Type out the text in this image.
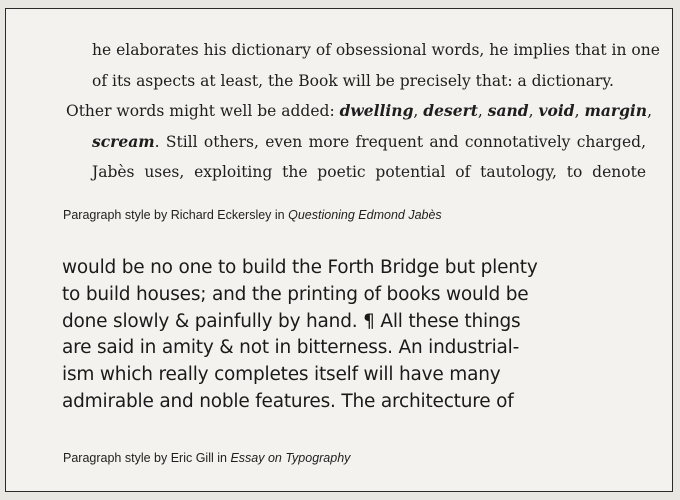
he elaborates his dictionary of obsessional words, he implies that in one
of its aspects at least, the Book will be precisely that: a dictionary.
Other words might well be added: dwelling, desert, sand, void, margin,
scream. Still others, even more frequent and connotatively charged,
Jabès uses, exploiting the poetic potential of tautology, to denote
Paragraph style by Richard Eckersley in Questioning Edmond Jabès
would be no one to build the Forth Bridge but plenty
to build houses; and the printing of books would be
done slowly & painfully by hand. ¶ All these things
are said in amity & not in bitterness. An industrial-
ism which really completes itself will have many
admirable and noble features. The architecture of
Paragraph style by Eric Gill in Essay on Typography
